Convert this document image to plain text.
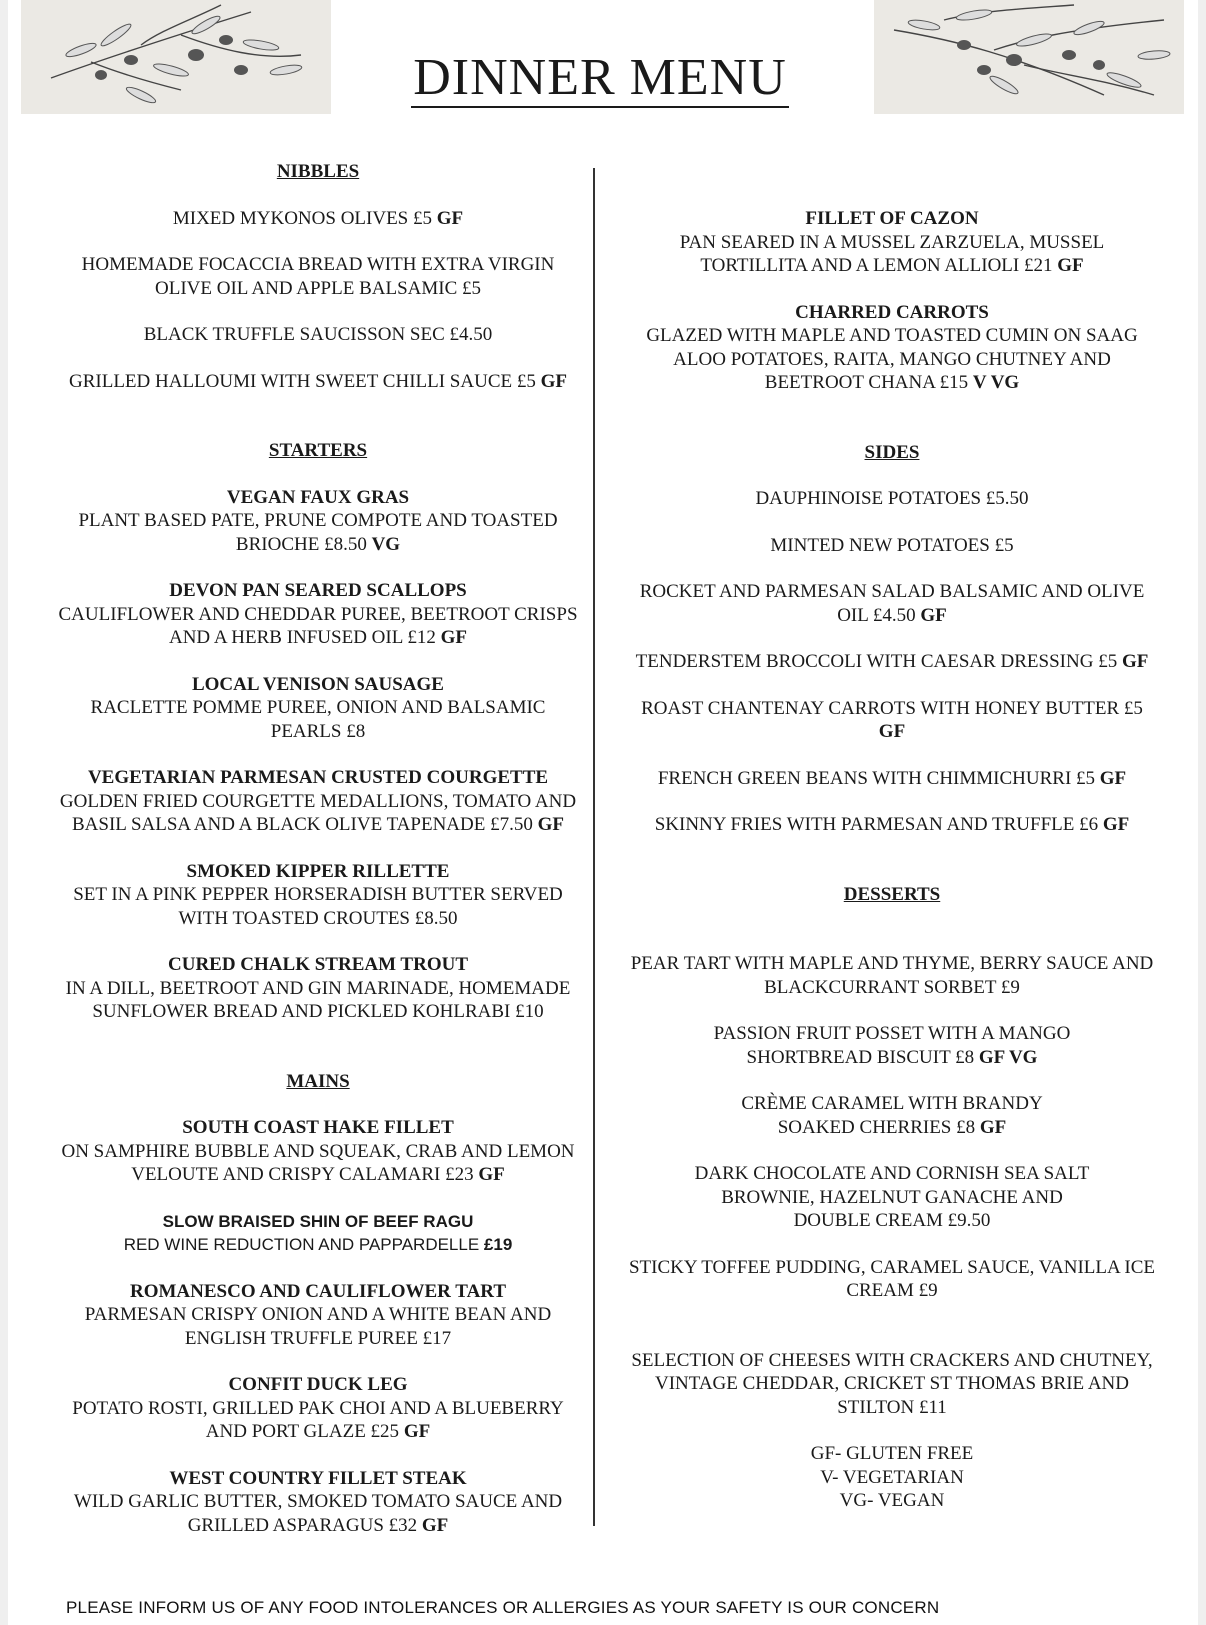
DINNER MENU
NIBBLES
MIXED MYKONOS OLIVES £5 GF
HOMEMADE FOCACCIA BREAD WITH EXTRA VIRGIN OLIVE OIL AND APPLE BALSAMIC £5
BLACK TRUFFLE SAUCISSON SEC £4.50
GRILLED HALLOUMI WITH SWEET CHILLI SAUCE £5 GF
STARTERS
VEGAN FAUX GRAS
PLANT BASED PATE, PRUNE COMPOTE AND TOASTED BRIOCHE £8.50 VG
DEVON PAN SEARED SCALLOPS
CAULIFLOWER AND CHEDDAR PUREE, BEETROOT CRISPS AND A HERB INFUSED OIL £12 GF
LOCAL VENISON SAUSAGE
RACLETTE POMME PUREE, ONION AND BALSAMIC PEARLS £8
VEGETARIAN PARMESAN CRUSTED COURGETTE
GOLDEN FRIED COURGETTE MEDALLIONS, TOMATO AND BASIL SALSA AND A BLACK OLIVE TAPENADE £7.50 GF
SMOKED KIPPER RILLETTE
SET IN A PINK PEPPER HORSERADISH BUTTER SERVED WITH TOASTED CROUTES £8.50
CURED CHALK STREAM TROUT
IN A DILL, BEETROOT AND GIN MARINADE, HOMEMADE SUNFLOWER BREAD AND PICKLED KOHLRABI £10
MAINS
SOUTH COAST HAKE FILLET
ON SAMPHIRE BUBBLE AND SQUEAK, CRAB AND LEMON VELOUTE AND CRISPY CALAMARI £23 GF
SLOW BRAISED SHIN OF BEEF RAGU
RED WINE REDUCTION AND PAPPARDELLE £19
ROMANESCO AND CAULIFLOWER TART
PARMESAN CRISPY ONION AND A WHITE BEAN AND ENGLISH TRUFFLE PUREE £17
CONFIT DUCK LEG
POTATO ROSTI, GRILLED PAK CHOI AND A BLUEBERRY AND PORT GLAZE £25 GF
WEST COUNTRY FILLET STEAK
WILD GARLIC BUTTER, SMOKED TOMATO SAUCE AND GRILLED ASPARAGUS £32 GF
FILLET OF CAZON
PAN SEARED IN A MUSSEL ZARZUELA, MUSSEL TORTILLITA AND A LEMON ALLIOLI £21 GF
CHARRED CARROTS
GLAZED WITH MAPLE AND TOASTED CUMIN ON SAAG ALOO POTATOES, RAITA, MANGO CHUTNEY AND BEETROOT CHANA £15 V VG
SIDES
DAUPHINOISE POTATOES £5.50
MINTED NEW POTATOES £5
ROCKET AND PARMESAN SALAD BALSAMIC AND OLIVE OIL £4.50 GF
TENDERSTEM BROCCOLI WITH CAESAR DRESSING £5 GF
ROAST CHANTENAY CARROTS WITH HONEY BUTTER £5 GF
FRENCH GREEN BEANS WITH CHIMMICHURRI £5 GF
SKINNY FRIES WITH PARMESAN AND TRUFFLE £6 GF
DESSERTS
PEAR TART WITH MAPLE AND THYME, BERRY SAUCE AND BLACKCURRANT SORBET £9
PASSION FRUIT POSSET WITH A MANGO SHORTBREAD BISCUIT £8 GF VG
CRÈME CARAMEL WITH BRANDY SOAKED CHERRIES £8 GF
DARK CHOCOLATE AND CORNISH SEA SALT BROWNIE, HAZELNUT GANACHE AND DOUBLE CREAM £9.50
STICKY TOFFEE PUDDING, CARAMEL SAUCE, VANILLA ICE CREAM £9
SELECTION OF CHEESES WITH CRACKERS AND CHUTNEY, VINTAGE CHEDDAR, CRICKET ST THOMAS BRIE AND STILTON £11
GF- GLUTEN FREE
V- VEGETARIAN
VG- VEGAN
PLEASE INFORM US OF ANY FOOD INTOLERANCES OR ALLERGIES AS YOUR SAFETY IS OUR CONCERN
